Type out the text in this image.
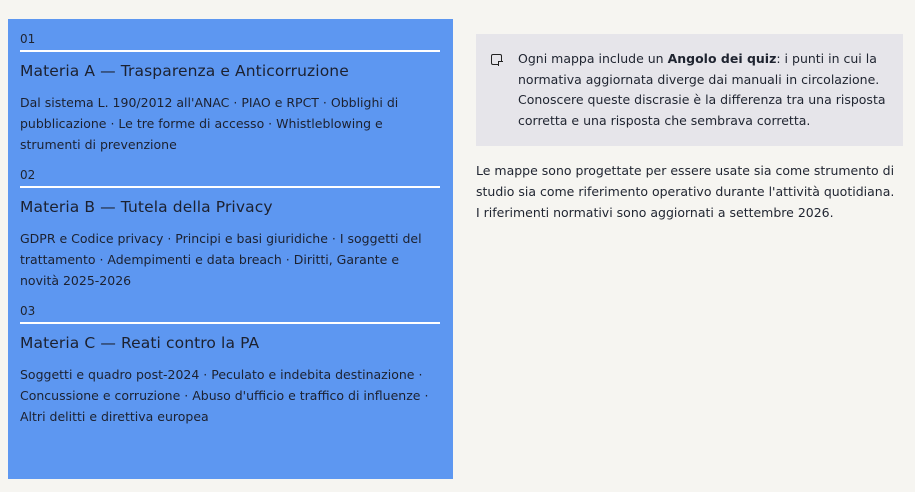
01
Materia A — Trasparenza e Anticorruzione
Dal sistema L. 190/2012 all'ANAC · PIAO e RPCT · Obblighi di pubblicazione · Le tre forme di accesso · Whistleblowing e strumenti di prevenzione
02
Materia B — Tutela della Privacy
GDPR e Codice privacy · Principi e basi giuridiche · I soggetti del trattamento · Adempimenti e data breach · Diritti, Garante e novità 2025-2026
03
Materia C — Reati contro la PA
Soggetti e quadro post-2024 · Peculato e indebita destinazione · Concussione e corruzione · Abuso d'ufficio e traffico di influenze · Altri delitti e direttiva europea
Ogni mappa include un Angolo dei quiz: i punti in cui la normativa aggiornata diverge dai manuali in circolazione. Conoscere queste discrasie è la differenza tra una risposta corretta e una risposta che sembrava corretta.
Le mappe sono progettate per essere usate sia come strumento di studio sia come riferimento operativo durante l'attività quotidiana. I riferimenti normativi sono aggiornati a settembre 2026.
